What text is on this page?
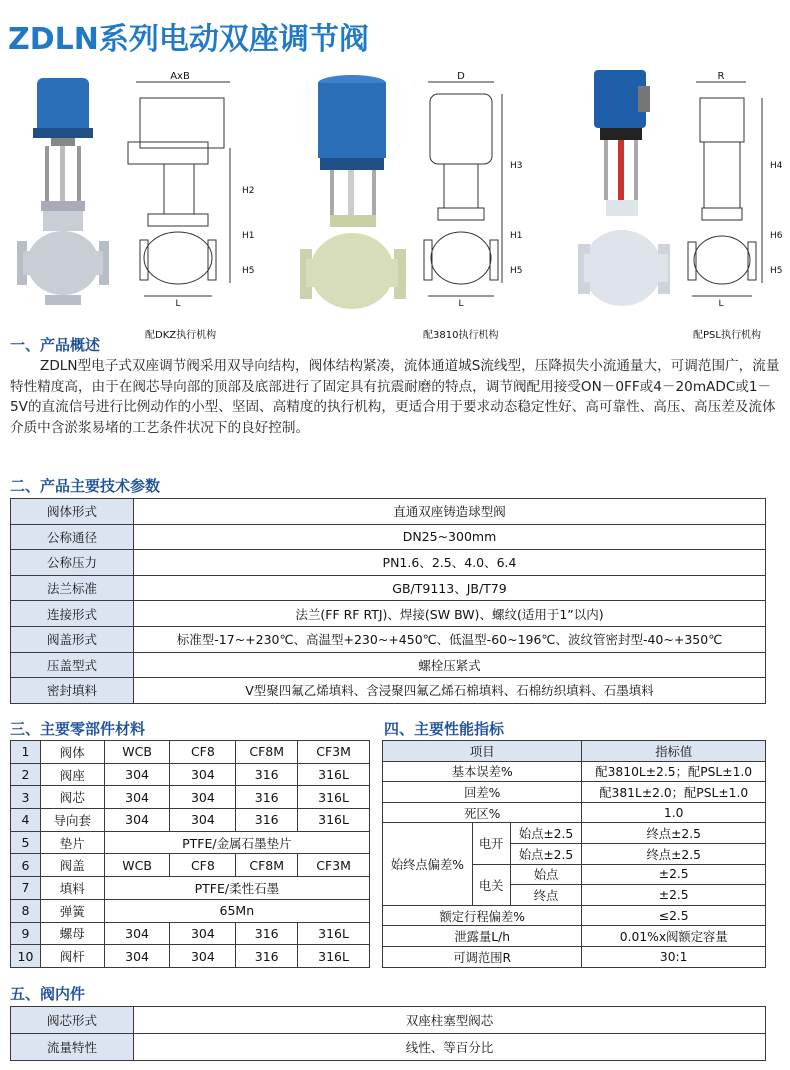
ZDLN系列电动双座调节阀
AxB
H2
H1
H5
L
配DKZ执行机构
D
H3
H1
H5
L
配3810执行机构
R
H4
H6
H5
L
配PSL执行机构
一、产品概述
ZDLN型电子式双座调节阀采用双导向结构，阀体结构紧凑，流体通道城S流线型，压降损失小流通量大，可调范围广，流量特性精度高，由于在阀芯导向部的顶部及底部进行了固定具有抗震耐磨的特点，调节阀配用接受ON－0FF或4－20mADC或1－5V的直流信号进行比例动作的小型、坚固、高精度的执行机构，更适合用于要求动态稳定性好、高可靠性、高压、高压差及流体介质中含淤浆易堵的工艺条件状况下的良好控制。
二、产品主要技术参数
阀体形式	直通双座铸造球型阀
公称通径	DN25~300mm
公称压力	PN1.6、2.5、4.0、6.4
法兰标准	GB/T9113、JB/T79
连接形式	法兰(FF RF RTJ)、焊接(SW BW)、螺纹(适用于1”以内)
阀盖形式	标准型-17~+230℃、高温型+230~+450℃、低温型-60~196℃、波纹管密封型-40~+350℃
压盖型式	螺栓压紧式
密封填料	V型聚四氟乙烯填料、含浸聚四氟乙烯石棉填料、石棉纺织填料、石墨填料
三、主要零部件材料
1	阀体	WCB	CF8	CF8M	CF3M
2	阀座	304	304	316	316L
3	阀芯	304	304	316	316L
4	导向套	304	304	316	316L
5	垫片	PTFE/金属石墨垫片			
6	阀盖	WCB	CF8	CF8M	CF3M
7	填料	PTFE/柔性石墨			
8	弹簧	65Mn			
9	螺母	304	304	316	316L
10	阀杆	304	304	316	316L
四、主要性能指标
项目			指标值
基本误差%			配3810L±2.5；配PSL±1.0
回差%			配381L±2.0；配PSL±1.0
死区%			1.0
始终点偏差%	电开	始点±2.5	终点±2.5
		始点±2.5	终点±2.5
	电关	始点	±2.5
		终点	±2.5
额定行程偏差%			≤2.5
泄露量L/h			0.01%x阀额定容量
可调范围R			30:1
五、阀内件
阀芯形式	双座柱塞型阀芯
流量特性	线性、等百分比
